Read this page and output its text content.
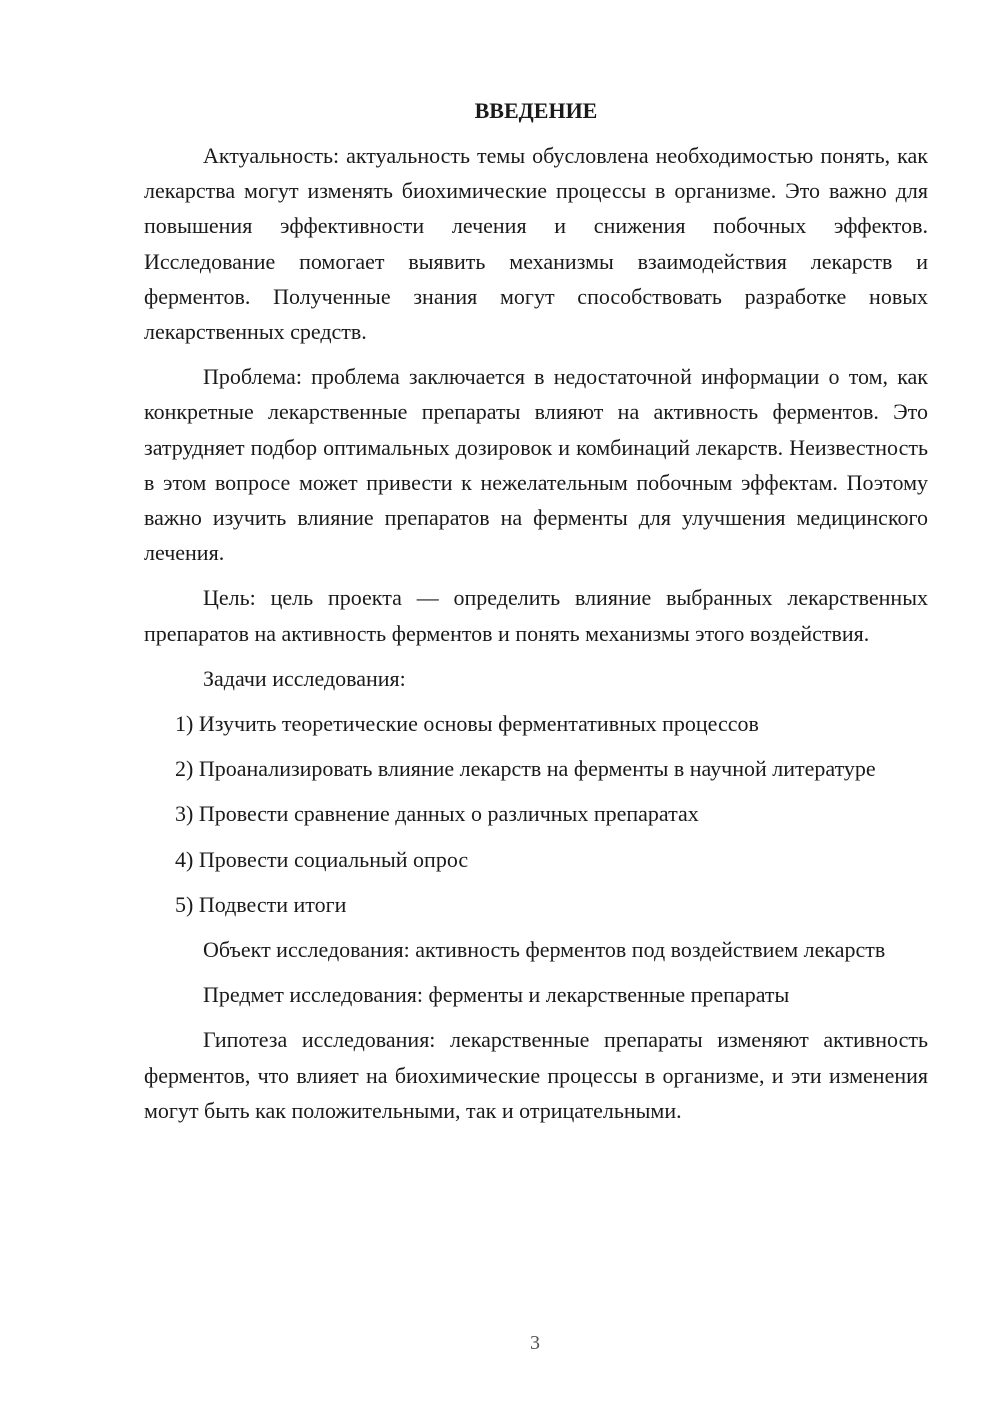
ВВЕДЕНИЕ

Актуальность: актуальность темы обусловлена необходимостью понять, как лекарства могут изменять биохимические процессы в организме. Это важно для повышения эффективности лечения и снижения побочных эффектов. Исследование помогает выявить механизмы взаимодействия лекарств и ферментов. Полученные знания могут способствовать разработке новых лекарственных средств.

Проблема: проблема заключается в недостаточной информации о том, как конкретные лекарственные препараты влияют на активность ферментов. Это затрудняет подбор оптимальных дозировок и комбинаций лекарств. Неизвестность в этом вопросе может привести к нежелательным побочным эффектам. Поэтому важно изучить влияние препаратов на ферменты для улучшения медицинского лечения.

Цель: цель проекта — определить влияние выбранных лекарственных препаратов на активность ферментов и понять механизмы этого воздействия.

Задачи исследования:

1) Изучить теоретические основы ферментативных процессов

2) Проанализировать влияние лекарств на ферменты в научной литературе

3) Провести сравнение данных о различных препаратах

4) Провести социальный опрос

5) Подвести итоги

Объект исследования: активность ферментов под воздействием лекарств

Предмет исследования: ферменты и лекарственные препараты

Гипотеза исследования: лекарственные препараты изменяют активность ферментов, что влияет на биохимические процессы в организме, и эти изменения могут быть как положительными, так и отрицательными.

3
